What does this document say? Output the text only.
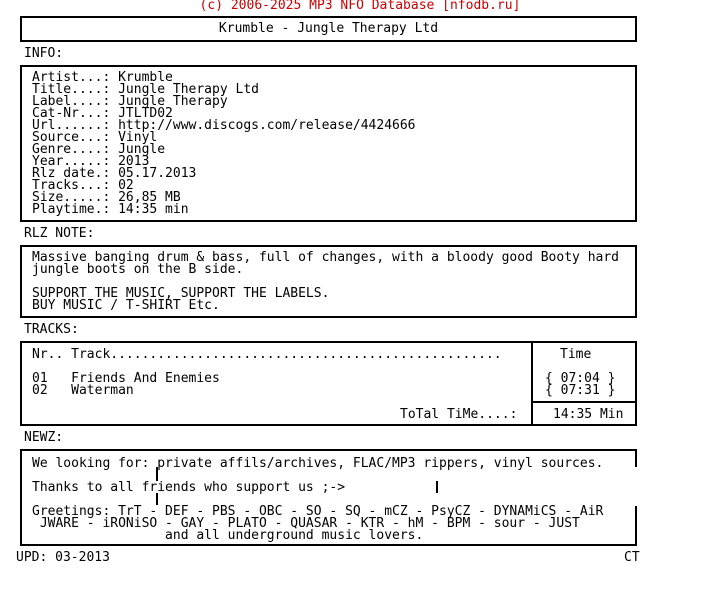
(c) 2006-2025 MP3 NFO Database [nfodb.ru]
Krumble - Jungle Therapy Ltd
INFO:
Artist...: Krumble
Title....: Jungle Therapy Ltd
Label....: Jungle Therapy
Cat-Nr...: JTLTD02
Url......: http://www.discogs.com/release/4424666
Source...: Vinyl
Genre....: Jungle
Year.....: 2013
Rlz date.: 05.17.2013
Tracks...: 02
Size.....: 26,85 MB
Playtime.: 14:35 min
RLZ NOTE:
Massive banging drum & bass, full of changes, with a bloody good Booty hard
jungle boots on the B side.
SUPPORT THE MUSIC, SUPPORT THE LABELS.
BUY MUSIC / T-SHIRT Etc.
TRACKS:
Nr.. Track..................................................	Time
01   Friends And Enemies	{ 07:04 }
02   Waterman	{ 07:31 }
ToTal TiMe....:	14:35 Min
NEWZ:
We looking for: private affils/archives, FLAC/MP3 rippers, vinyl sources.
Thanks to all friends who support us ;->
Greetings: TrT - DEF - PBS - OBC - SO - SQ - mCZ - PsyCZ - DYNAMiCS - AiR
JWARE - iRONiSO - GAY - PLATO - QUASAR - KTR - hM - BPM - sour - JUST
and all underground music lovers.
UPD: 03-2013	CT
